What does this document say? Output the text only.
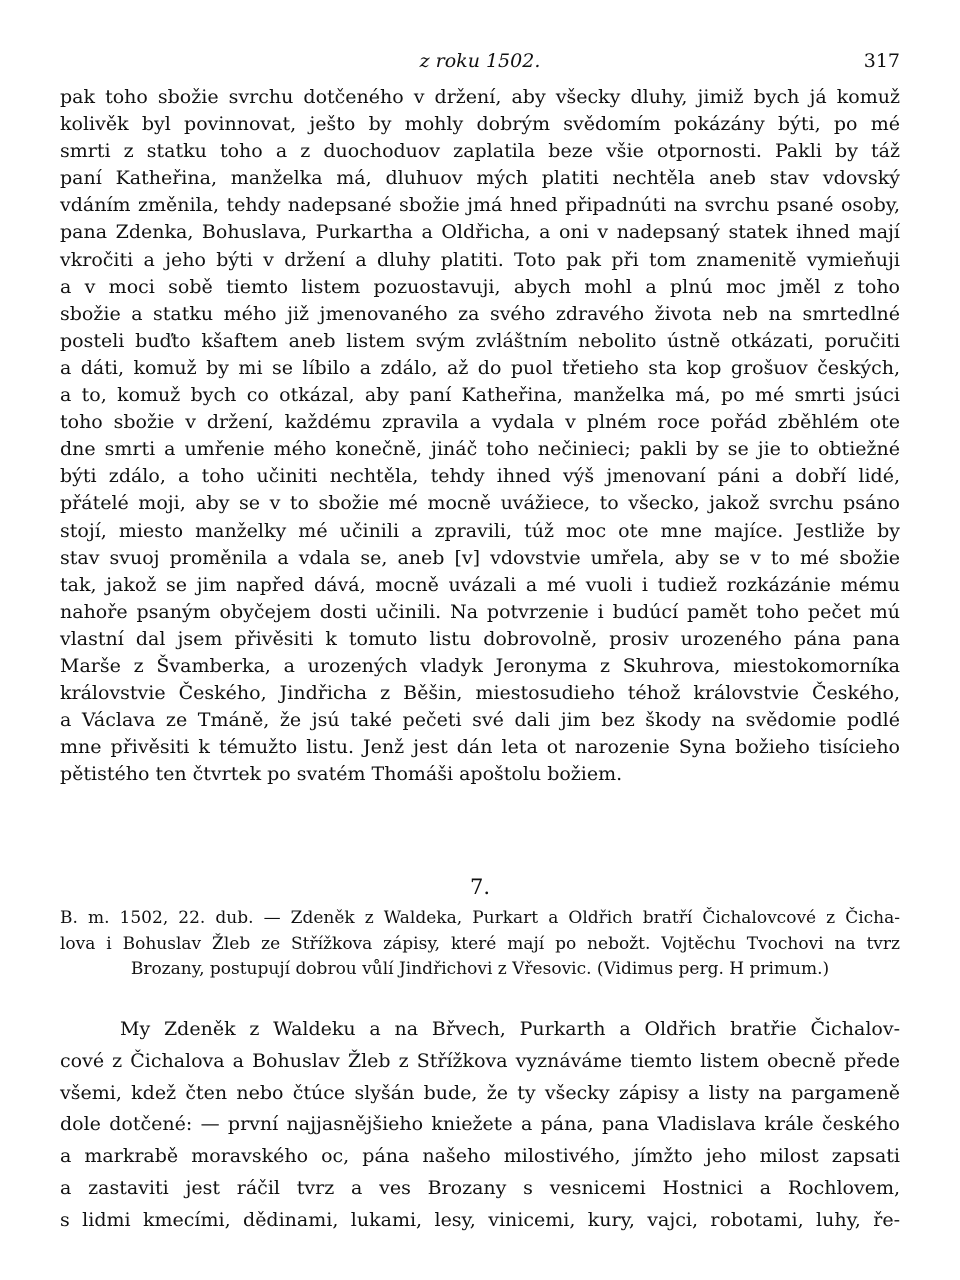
z roku 1502.	317
pak toho sbožie svrchu dotčeného v držení, aby všecky dluhy, jimiž bych já komuž
kolivěk byl povinnovat, ješto by mohly dobrým svědomím pokázány býti, po mé
smrti z statku toho a z duochoduov zaplatila beze všie otpornosti. Pakli by táž
paní Katheřina, manželka má, dluhuov mých platiti nechtěla aneb stav vdovský
vdáním změnila, tehdy nadepsané sbožie jmá hned připadnúti na svrchu psané osoby,
pana Zdenka, Bohuslava, Purkartha a Oldřicha, a oni v nadepsaný statek ihned mají
vkročiti a jeho býti v držení a dluhy platiti. Toto pak při tom znamenitě vymieňuji
a v moci sobě tiemto listem pozuostavuji, abych mohl a plnú moc jměl z toho
sbožie a statku mého již jmenovaného za svého zdravého života neb na smrtedlné
posteli buďto kšaftem aneb listem svým zvláštním nebolito ústně otkázati, poručiti
a dáti, komuž by mi se líbilo a zdálo, až do puol třetieho sta kop grošuov českých,
a to, komuž bych co otkázal, aby paní Katheřina, manželka má, po mé smrti jsúci
toho sbožie v držení, každému zpravila a vydala v plném roce pořád zběhlém ote
dne smrti a umřenie mého konečně, jináč toho nečinieci; pakli by se jie to obtiežné
býti zdálo, a toho učiniti nechtěla, tehdy ihned výš jmenovaní páni a dobří lidé,
přátelé moji, aby se v to sbožie mé mocně uvážiece, to všecko, jakož svrchu psáno
stojí, miesto manželky mé učinili a zpravili, túž moc ote mne majíce. Jestliže by
stav svuoj proměnila a vdala se, aneb [v] vdovstvie umřela, aby se v to mé sbožie
tak, jakož se jim napřed dává, mocně uvázali a mé vuoli i tudiež rozkázánie mému
nahoře psaným obyčejem dosti učinili. Na potvrzenie i budúcí pamět toho pečet mú
vlastní dal jsem přivěsiti k tomuto listu dobrovolně, prosiv urozeného pána pana
Marše z Švamberka, a urozených vladyk Jeronyma z Skuhrova, miestokomorníka
královstvie Českého, Jindřicha z Běšin, miestosudieho téhož královstvie Českého,
a Václava ze Tmáně, že jsú také pečeti své dali jim bez škody na svědomie podlé
mne přivěsiti k témužto listu. Jenž jest dán leta ot narozenie Syna božieho tisícieho
pětistého ten čtvrtek po svatém Thomáši apoštolu božiem.
7.
B. m. 1502, 22. dub. — Zdeněk z Waldeka, Purkart a Oldřich bratří Čichalovcové z Čicha-
lova i Bohuslav Žleb ze Střížkova zápisy, které mají po nebožt. Vojtěchu Tvochovi na tvrz
Brozany, postupují dobrou vůlí Jindřichovi z Vřesovic. (Vidimus perg. H primum.)
My Zdeněk z Waldeku a na Břvech, Purkarth a Oldřich bratřie Čichalov-
cové z Čichalova a Bohuslav Žleb z Střížkova vyznáváme tiemto listem obecně přede
všemi, kdež čten nebo čtúce slyšán bude, že ty všecky zápisy a listy na pargameně
dole dotčené: — první najjasnějšieho kniežete a pána, pana Vladislava krále českého
a markrabě moravského oc, pána našeho milostivého, jímžto jeho milost zapsati
a zastaviti jest ráčil tvrz a ves Brozany s vesnicemi Hostnici a Rochlovem,
s lidmi kmecími, dědinami, lukami, lesy, vinicemi, kury, vajci, robotami, luhy, ře-
